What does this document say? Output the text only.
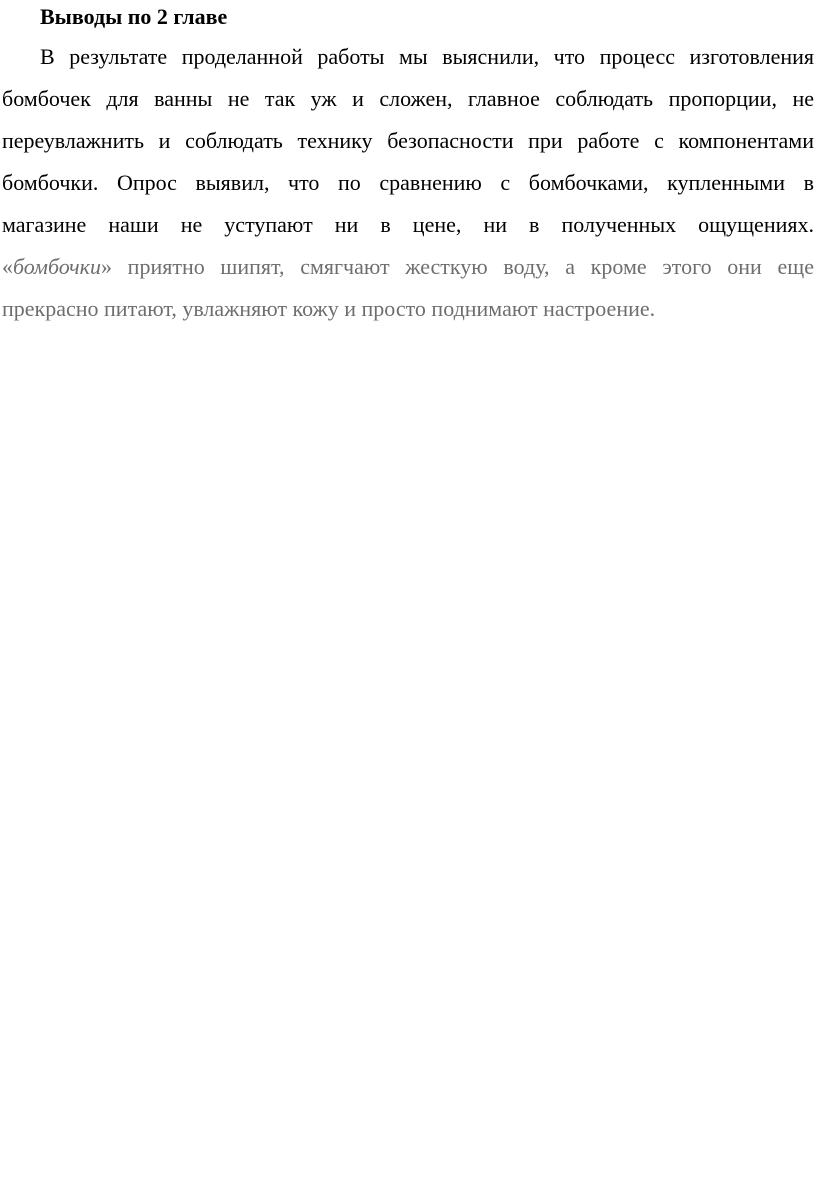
Выводы по 2 главе
В результате проделанной работы мы выяснили, что процесс изготовления
бомбочек для ванны не так уж и сложен, главное соблюдать пропорции, не
переувлажнить и соблюдать технику безопасности при работе с компонентами
бомбочки. Опрос выявил, что по сравнению с бомбочками, купленными в
магазине наши не уступают ни в цене, ни в полученных ощущениях.
«бомбочки» приятно шипят, смягчают жесткую воду, а кроме этого они еще
прекрасно питают, увлажняют кожу и просто поднимают настроение.
